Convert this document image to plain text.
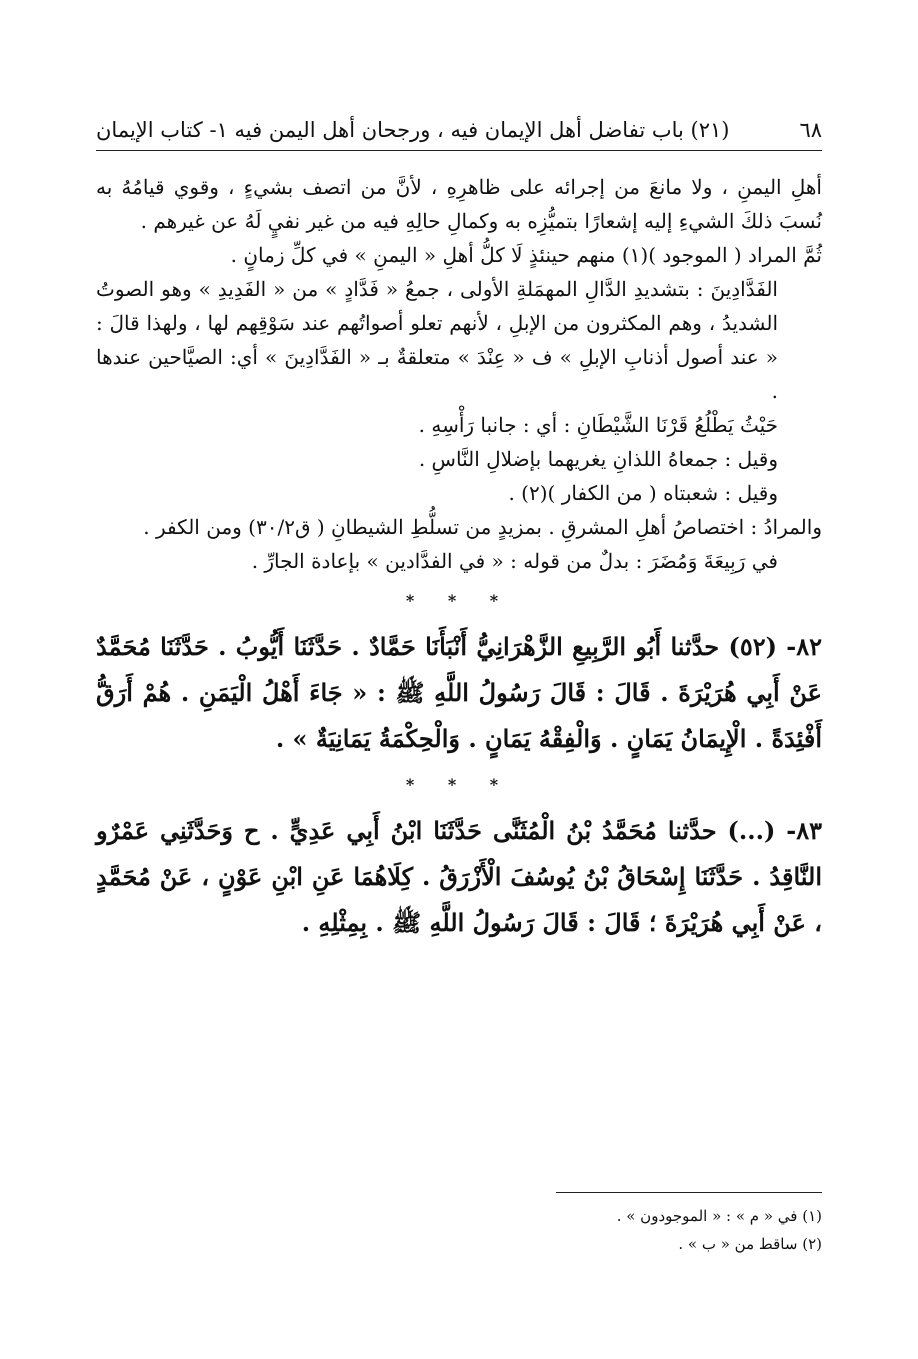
٦٨
(٢١) باب تفاضل أهل الإيمان فيه ، ورجحان أهل اليمن فيه ١- كتاب الإيمان

أهلِ اليمنِ ، ولا مانعَ من إجرائه على ظاهرِهِ ، لأنَّ من اتصف بشيءٍ ، وقوي قيامُهُ به نُسبَ ذلكَ الشيءِ إليه إشعارًا بتميُّزِه به وكمالِ حالِهِ فيه من غير نفيٍ لَهُ عن غيرهم .

ثُمَّ المراد ( الموجود )(١) منهم حينئذٍ لَا كلُّ أهلِ « اليمنِ » في كلِّ زمانٍ .

الفَدَّادِينَ : بتشديدِ الدَّالِ المهمَلةِ الأولى ، جمعُ « فَدَّادٍ » من « الفَدِيدِ » وهو الصوتُ الشديدُ ، وهم المكثرون من الإبلِ ، لأنهم تعلو أصواتُهم عند سَوْقِهم لها ، ولهذا قالَ : « عند أصول أذنابِ الإبلِ » ف « عِنْدَ » متعلقةٌ بـ « الفَدَّادِينَ » أي: الصيَّاحين عندها .

حَيْثُ يَطْلُعُ قَرْنَا الشَّيْطَانِ : أي : جانبا رَأْسِهِ .

وقيل : جمعاهُ اللذانِ يغريهما بإضلالِ النَّاسِ .

وقيل : شعبتاه ( من الكفار )(٢) .

والمرادُ : اختصاصُ أهلِ المشرقِ . بمزيدٍ من تسلُّطِ الشيطانِ ( ق٣٠/٢) ومن الكفر .

في رَبِيعَةَ وَمُضَرَ : بدلٌ من قوله : « في الفدَّادين » بإعادة الجارِّ .

* * *

٨٢- (٥٢) حدَّثنا أَبُو الرَّبِيعِ الزَّهْرَانِيُّ أَنْبَأَنَا حَمَّادٌ . حَدَّثَنَا أَيُّوبُ . حَدَّثَنَا مُحَمَّدٌ عَنْ أَبِي هُرَيْرَةَ . قَالَ : قَالَ رَسُولُ اللَّهِ ﷺ : « جَاءَ أَهْلُ الْيَمَنِ . هُمْ أَرَقُّ أَفْئِدَةً . الْإِيمَانُ يَمَانٍ . وَالْفِقْهُ يَمَانٍ . وَالْحِكْمَةُ يَمَانِيَةٌ » .

* * *

٨٣- (...) حدَّثنا مُحَمَّدُ بْنُ الْمُثَنَّى حَدَّثَنَا ابْنُ أَبِي عَدِيٍّ . ح وَحَدَّثَنِي عَمْرٌو النَّاقِدُ . حَدَّثَنَا إِسْحَاقُ بْنُ يُوسُفَ الْأَزْرَقُ . كِلَاهُمَا عَنِ ابْنِ عَوْنٍ ، عَنْ مُحَمَّدٍ ، عَنْ أَبِي هُرَيْرَةَ ؛ قَالَ : قَالَ رَسُولُ اللَّهِ ﷺ . بِمِثْلِهِ .

(١) في « م » : « الموجودون » .
(٢) ساقط من « ب » .
